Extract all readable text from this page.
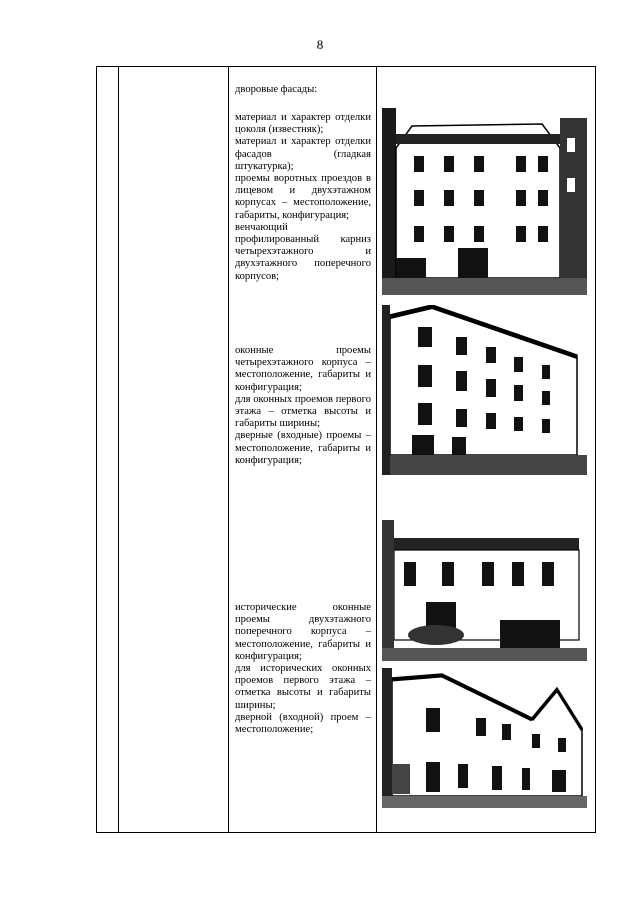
8

дворовые фасады:

материал и характер отделки цоколя (известняк);

материал и характер отделки фасадов (гладкая штукатурка);

проемы воротных проездов в лицевом и двухэтажном корпусах – местоположение, габариты, конфигурация;

венчающий профилированный карниз четырехэтажного и двухэтажного поперечного корпусов;

оконные проемы четырехэтажного корпуса – местоположение, габариты и конфигурация;

для оконных проемов первого этажа – отметка высоты и габариты ширины;

дверные (входные) проемы – местоположение, габариты и конфигурация;

исторические оконные проемы двухэтажного поперечного корпуса – местоположение, габариты и конфигурация;

для исторических оконных проемов первого этажа – отметка высоты и габариты ширины;

дверной (входной) проем – местоположение;
